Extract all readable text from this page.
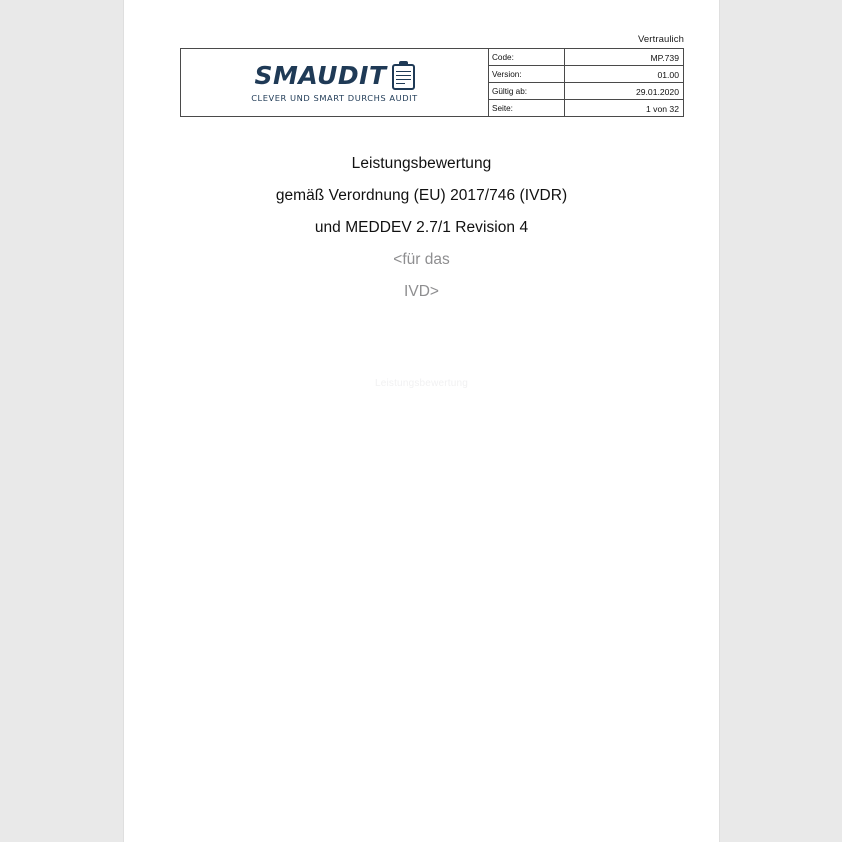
Vertraulich
SMAUDIT
CLEVER UND SMART DURCHS AUDIT
Code:	MP.739
Version:	01.00
Gültig ab:	29.01.2020
Seite:	1 von 32
Leistungsbewertung
gemäß Verordnung (EU) 2017/746 (IVDR)
und MEDDEV 2.7/1 Revision 4
<für das
IVD>
Leistungsbewertung
